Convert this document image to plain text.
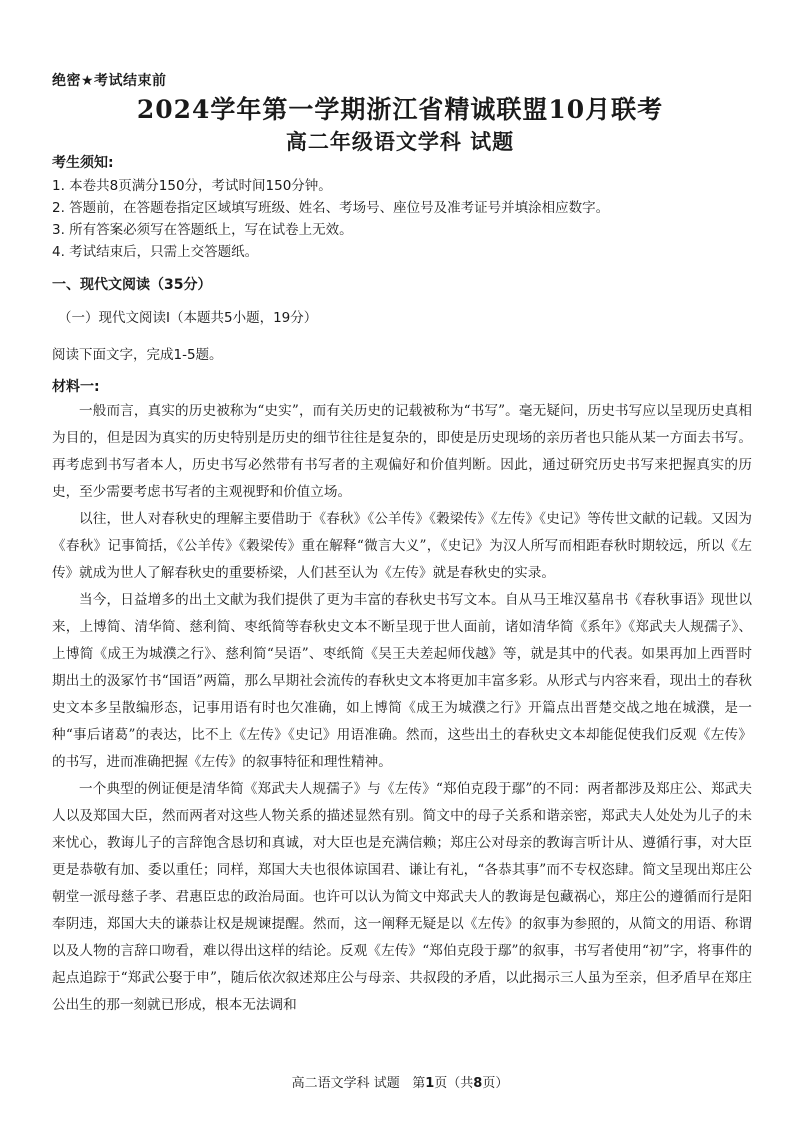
绝密★考试结束前
2024学年第一学期浙江省精诚联盟10月联考
高二年级语文学科 试题
考生须知:
1. 本卷共8页满分150分，考试时间150分钟。
2. 答题前，在答题卷指定区域填写班级、姓名、考场号、座位号及准考证号并填涂相应数字。
3. 所有答案必须写在答题纸上，写在试卷上无效。
4. 考试结束后，只需上交答题纸。
一、现代文阅读（35分）
（一）现代文阅读Ⅰ（本题共5小题，19分）
阅读下面文字，完成1-5题。
材料一:

一般而言，真实的历史被称为“史实”，而有关历史的记载被称为“书写”。毫无疑问，历史书写应以呈现历史真相为目的，但是因为真实的历史特别是历史的细节往往是复杂的，即使是历史现场的亲历者也只能从某一方面去书写。再考虑到书写者本人，历史书写必然带有书写者的主观偏好和价值判断。因此，通过研究历史书写来把握真实的历史，至少需要考虑书写者的主观视野和价值立场。

以往，世人对春秋史的理解主要借助于《春秋》《公羊传》《穀梁传》《左传》《史记》等传世文献的记载。又因为《春秋》记事简括，《公羊传》《穀梁传》重在解释“微言大义”，《史记》为汉人所写而相距春秋时期较远，所以《左传》就成为世人了解春秋史的重要桥梁，人们甚至认为《左传》就是春秋史的实录。

当今，日益增多的出土文献为我们提供了更为丰富的春秋史书写文本。自从马王堆汉墓帛书《春秋事语》现世以来，上博简、清华简、慈利简、枣纸简等春秋史文本不断呈现于世人面前，诸如清华简《系年》《郑武夫人规孺子》、上博简《成王为城濮之行》、慈利简“吴语”、枣纸简《吴王夫差起师伐越》等，就是其中的代表。如果再加上西晋时期出土的汲冢竹书“国语”两篇，那么早期社会流传的春秋史文本将更加丰富多彩。从形式与内容来看，现出土的春秋史文本多呈散编形态，记事用语有时也欠准确，如上博简《成王为城濮之行》开篇点出晋楚交战之地在城濮，是一种“事后诸葛”的表达，比不上《左传》《史记》用语准确。然而，这些出土的春秋史文本却能促使我们反观《左传》的书写，进而准确把握《左传》的叙事特征和理性精神。

一个典型的例证便是清华简《郑武夫人规孺子》与《左传》“郑伯克段于鄢”的不同：两者都涉及郑庄公、郑武夫人以及郑国大臣，然而两者对这些人物关系的描述显然有别。简文中的母子关系和谐亲密，郑武夫人处处为儿子的未来忧心，教诲儿子的言辞饱含恳切和真诚，对大臣也是充满信赖；郑庄公对母亲的教诲言听计从、遵循行事，对大臣更是恭敬有加、委以重任；同样，郑国大夫也很体谅国君、谦让有礼，“各恭其事”而不专权恣肆。简文呈现出郑庄公朝堂一派母慈子孝、君惠臣忠的政治局面。也许可以认为简文中郑武夫人的教诲是包藏祸心，郑庄公的遵循而行是阳奉阴违，郑国大夫的谦恭让权是规谏提醒。然而，这一阐释无疑是以《左传》的叙事为参照的，从简文的用语、称谓以及人物的言辞口吻看，难以得出这样的结论。反观《左传》“郑伯克段于鄢”的叙事，书写者使用“初”字，将事件的起点追踪于“郑武公娶于申”，随后依次叙述郑庄公与母亲、共叔段的矛盾，以此揭示三人虽为至亲，但矛盾早在郑庄公出生的那一刻就已形成，根本无法调和

高二语文学科 试题 第1页（共8页）
